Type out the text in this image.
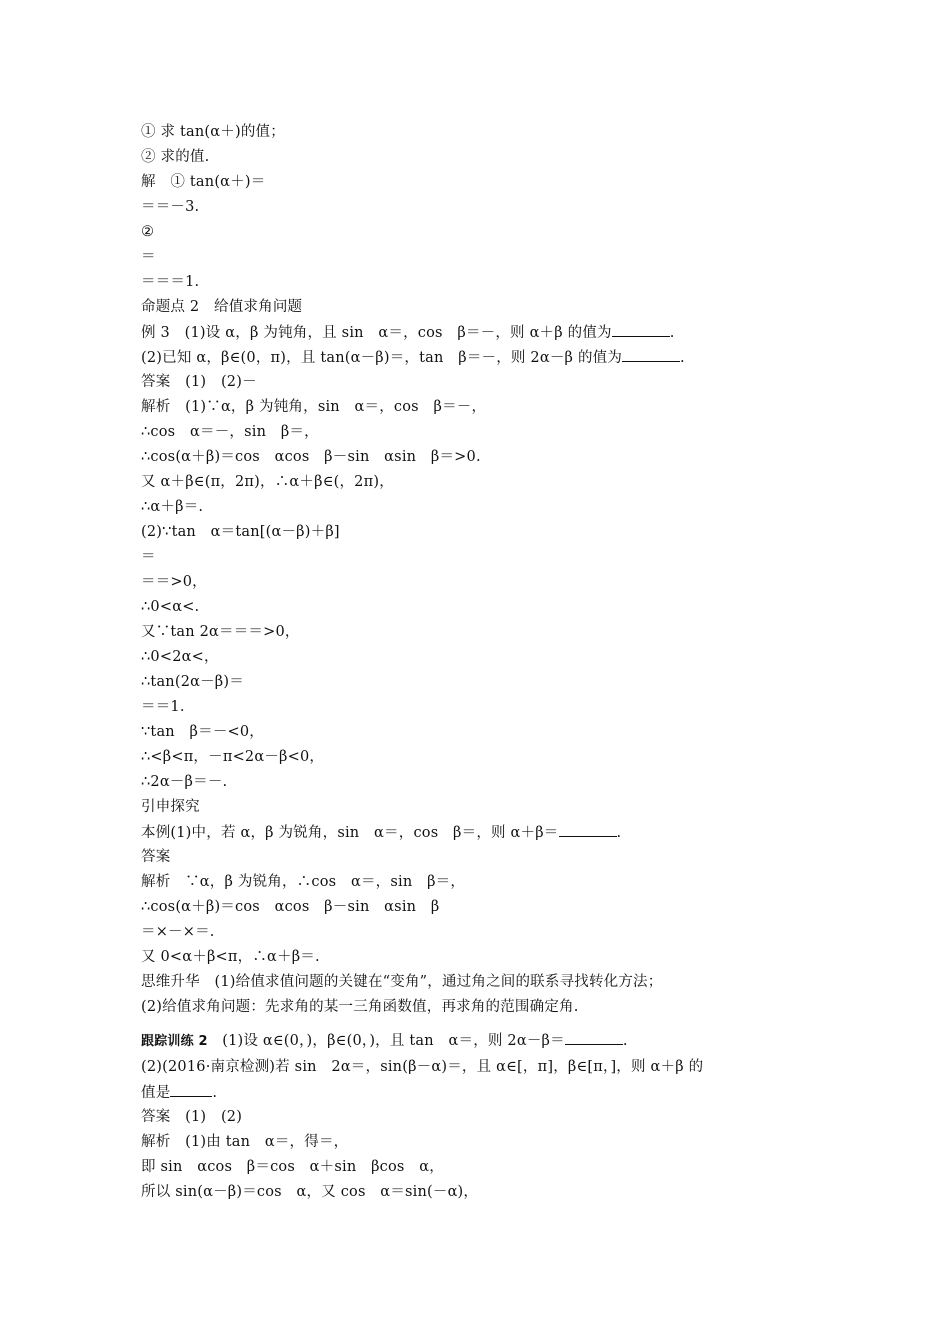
① 求 tan(α＋)的值；
② 求的值.
解　① tan(α＋)＝
＝＝－3.
②
＝
＝＝＝1.
命题点 2　给值求角问题
例 3　(1)设 α，β 为钝角，且 sin　α＝，cos　β＝－，则 α＋β 的值为	.
(2)已知 α，β∈(0，π)，且 tan(α－β)＝，tan　β＝－，则 2α－β 的值为	.
答案　(1)　(2)－
解析　(1)∵α，β 为钝角，sin　α＝，cos　β＝－，
∴cos　α＝－，sin　β＝，
∴cos(α＋β)＝cos　αcos　β－sin　αsin　β＝>0.
又 α＋β∈(π，2π)，∴α＋β∈(，2π)，
∴α＋β＝.
(2)∵tan　α＝tan[(α－β)＋β]
＝
＝＝>0，
∴0<α<.
又∵tan 2α＝＝＝>0，
∴0<2α<，
∴tan(2α－β)＝
＝＝1.
∵tan　β＝－<0，
∴<β<π，－π<2α－β<0，
∴2α－β＝－.
引申探究
本例(1)中，若 α，β 为锐角，sin　α＝，cos　β＝，则 α＋β＝	.
答案
解析　∵α，β 为锐角，∴cos　α＝，sin　β＝，
∴cos(α＋β)＝cos　αcos　β－sin　αsin　β
＝×－×＝.
又 0<α＋β<π，∴α＋β＝.
思维升华　(1)给值求值问题的关键在“变角”，通过角之间的联系寻找转化方法；
(2)给值求角问题：先求角的某一三角函数值，再求角的范围确定角.
跟踪训练 2 (1)设 α∈(0，)，β∈(0，)，且 tan　α＝，则 2α－β＝	.
(2)(2016·南京检测)若 sin　2α＝，sin(β－α)＝，且 α∈[，π]，β∈[π，]，则 α＋β 的
值是	.
答案　(1)　(2)
解析　(1)由 tan　α＝，得＝，
即 sin　αcos　β＝cos　α＋sin　βcos　α，
所以 sin(α－β)＝cos　α，又 cos　α＝sin(－α)，
